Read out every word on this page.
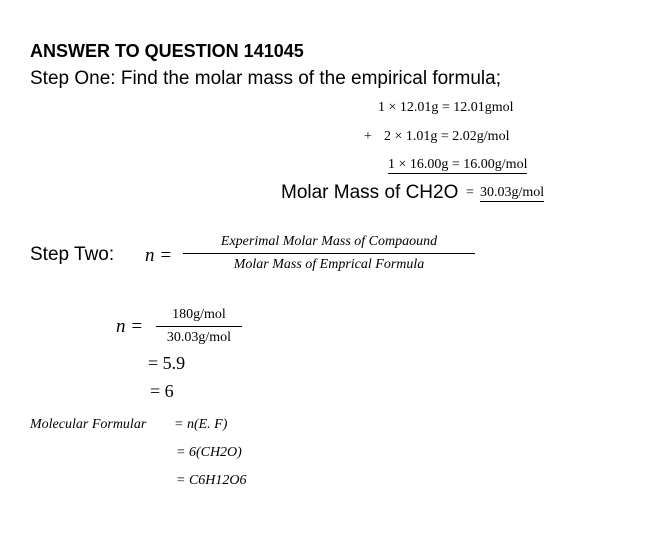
ANSWER TO QUESTION 141045
Step One: Find the molar mass of the empirical formula;
1 × 12.01g = 12.01gmol
+ 2 × 1.01g = 2.02g/mol
1 × 16.00g = 16.00g/mol
Molar Mass of CH2O = 30.03g/mol
Step Two: n =
Experimal Molar Mass of Compaound
Molar Mass of Emprical Formula
n =
180g/mol
30.03g/mol
= 5.9
= 6
Molecular Formular = n(E. F)
= 6(CH2O)
= C6H12O6
